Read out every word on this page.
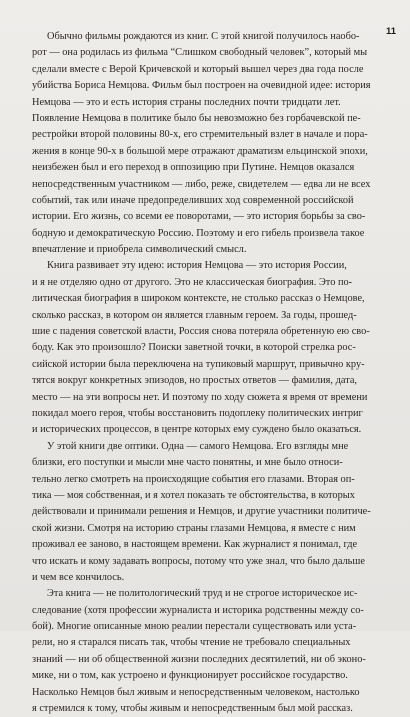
11
Обычно фильмы рождаются из книг. С этой книгой получилось наобо-
рот — она родилась из фильма “Слишком свободный человек”, который мы
сделали вместе с Верой Кричевской и который вышел через два года после
убийства Бориса Немцова. Фильм был построен на очевидной идее: история
Немцова — это и есть история страны последних почти тридцати лет.
Появление Немцова в политике было бы невозможно без горбачевской пе-
рестройки второй половины 80-х, его стремительный взлет в начале и пора-
жения в конце 90-х в большой мере отражают драматизм ельцинской эпохи,
неизбежен был и его переход в оппозицию при Путине. Немцов оказался
непосредственным участником — либо, реже, свидетелем — едва ли не всех
событий, так или иначе предопределивших ход современной российской
истории. Его жизнь, со всеми ее поворотами, — это история борьбы за сво-
бодную и демократическую Россию. Поэтому и его гибель произвела такое
впечатление и приобрела символический смысл.
Книга развивает эту идею: история Немцова — это история России,
и я не отделяю одно от другого. Это не классическая биография. Это по-
литическая биография в широком контексте, не столько рассказ о Немцове,
сколько рассказ, в котором он является главным героем. За годы, прошед-
шие с падения советской власти, Россия снова потеряла обретенную ею сво-
боду. Как это произошло? Поиски заветной точки, в которой стрелка рос-
сийской истории была переключена на тупиковый маршрут, привычно кру-
тятся вокруг конкретных эпизодов, но простых ответов — фамилия, дата,
место — на эти вопросы нет. И поэтому по ходу сюжета я время от времени
покидал моего героя, чтобы восстановить подоплеку политических интриг
и исторических процессов, в центре которых ему суждено было оказаться.
У этой книги две оптики. Одна — самого Немцова. Его взгляды мне
близки, его поступки и мысли мне часто понятны, и мне было относи-
тельно легко смотреть на происходящие события его глазами. Вторая оп-
тика — моя собственная, и я хотел показать те обстоятельства, в которых
действовали и принимали решения и Немцов, и другие участники политиче-
ской жизни. Смотря на историю страны глазами Немцова, я вместе с ним
проживал ее заново, в настоящем времени. Как журналист я понимал, где
что искать и кому задавать вопросы, потому что уже знал, что было дальше
и чем все кончилось.
Эта книга — не политологический труд и не строгое историческое ис-
следование (хотя профессии журналиста и историка родственны между со-
бой). Многие описанные мною реалии перестали существовать или уста-
рели, но я старался писать так, чтобы чтение не требовало специальных
знаний — ни об общественной жизни последних десятилетий, ни об эконо-
мике, ни о том, как устроено и функционирует российское государство.
Насколько Немцов был живым и непосредственным человеком, настолько
я стремился к тому, чтобы живым и непосредственным был мой рассказ.
